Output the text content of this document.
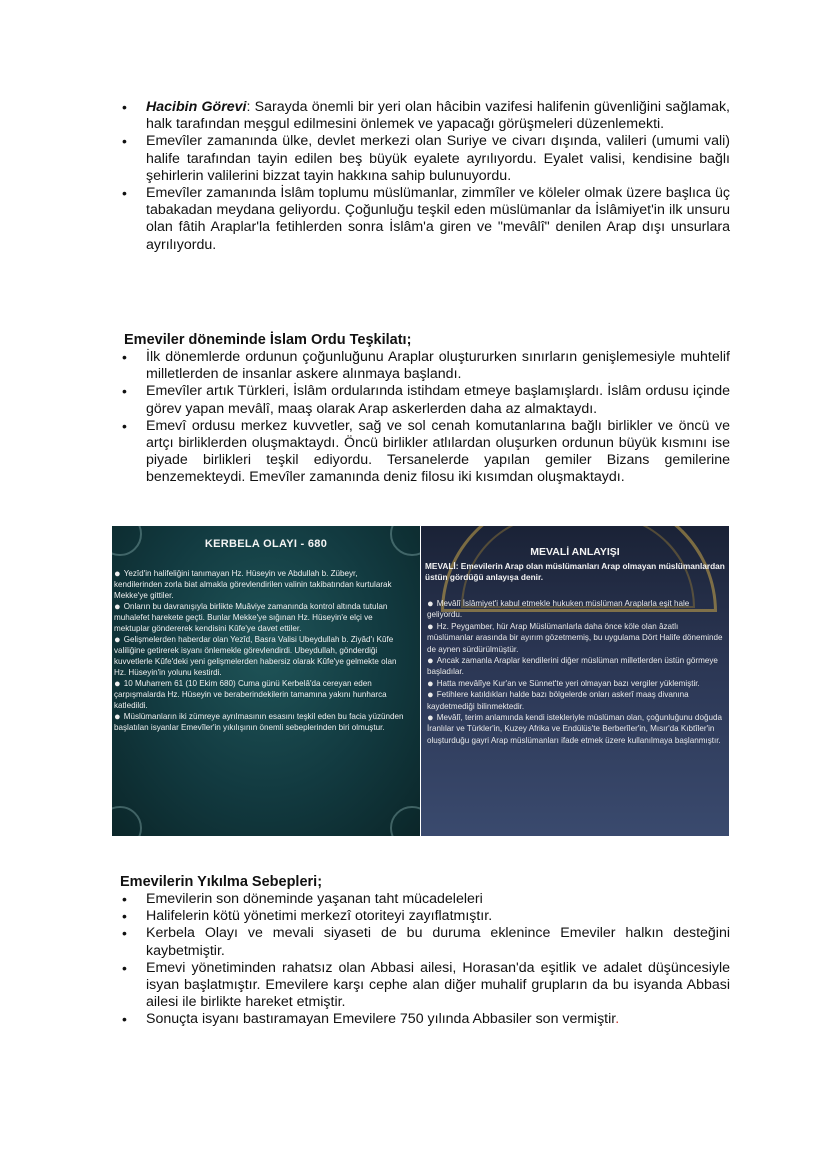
• Hacibin Görevi: Sarayda önemli bir yeri olan hâcibin vazifesi halifenin güvenliğini sağlamak, halk tarafından meşgul edilmesini önlemek ve yapacağı görüşmeleri düzenlemekti.
• Emevîler zamanında ülke, devlet merkezi olan Suriye ve civarı dışında, valileri (umumi vali) halife tarafından tayin edilen beş büyük eyalete ayrılıyordu. Eyalet valisi, kendisine bağlı şehirlerin valilerini bizzat tayin hakkına sahip bulunuyordu.
• Emevîler zamanında İslâm toplumu müslümanlar, zimmîler ve köleler olmak üzere başlıca üç tabakadan meydana geliyordu. Çoğunluğu teşkil eden müslümanlar da İslâmiyet'in ilk unsuru olan fâtih Araplar'la fetihlerden sonra İslâm'a giren ve "mevâlî" denilen Arap dışı unsurlara ayrılıyordu.

Emeviler döneminde İslam Ordu Teşkilatı;

• İlk dönemlerde ordunun çoğunluğunu Araplar oluştururken sınırların genişlemesiyle muhtelif milletlerden de insanlar askere alınmaya başlandı.
• Emevîler artık Türkleri, İslâm ordularında istihdam etmeye başlamışlardı. İslâm ordusu içinde görev yapan mevâlî, maaş olarak Arap askerlerden daha az almaktaydı.
• Emevî ordusu merkez kuvvetler, sağ ve sol cenah komutanlarına bağlı birlikler ve öncü ve artçı birliklerden oluşmaktaydı. Öncü birlikler atlılardan oluşurken ordunun büyük kısmını ise piyade birlikleri teşkil ediyordu. Tersanelerde yapılan gemiler Bizans gemilerine benzemekteydi. Emevîler zamanında deniz filosu iki kısımdan oluşmaktaydı.
KERBELA OLAYI - 680

● Yezîd'in halifeliğini tanımayan Hz. Hüseyin ve Abdullah b. Zübeyr, kendilerinden zorla biat almakla görevlendirilen valinin takibatından kurtularak Mekke'ye gittiler.

● Onların bu davranışıyla birlikte Muâviye zamanında kontrol altında tutulan muhalefet harekete geçti. Bunlar Mekke'ye sığınan Hz. Hüseyin'e elçi ve mektuplar göndererek kendisini Kûfe'ye davet ettiler.

● Gelişmelerden haberdar olan Yezîd, Basra Valisi Ubeydullah b. Ziyâd'ı Kûfe valiliğine getirerek isyanı önlemekle görevlendirdi. Ubeydullah, gönderdiği kuvvetlerle Kûfe'deki yeni gelişmelerden habersiz olarak Kûfe'ye gelmekte olan Hz. Hüseyin'in yolunu kestirdi.

● 10 Muharrem 61 (10 Ekim 680) Cuma günü Kerbelâ'da cereyan eden çarpışmalarda Hz. Hüseyin ve beraberindekilerin tamamına yakını hunharca katledildi.

● Müslümanların iki zümreye ayrılmasının esasını teşkil eden bu facia yüzünden başlatılan isyanlar Emevîler'in yıkılışının önemli sebeplerinden biri olmuştur.

MEVALİ ANLAYIŞI
MEVALİ: Emevilerin Arap olan müslümanları Arap olmayan müslümanlardan üstün gördüğü anlayışa denir.

● Mevâlî İslâmiyet'i kabul etmekle hukuken müslüman Araplarla eşit hale geliyordu.

● Hz. Peygamber, hür Arap Müslümanlarla daha önce köle olan âzatlı müslümanlar arasında bir ayırım gözetmemiş, bu uygulama Dört Halife döneminde de aynen sürdürülmüştür.

● Ancak zamanla Araplar kendilerini diğer müslüman milletlerden üstün görmeye başladılar.

● Hatta mevâlîye Kur'an ve Sünnet'te yeri olmayan bazı vergiler yüklemiştir.

● Fetihlere katıldıkları halde bazı bölgelerde onları askerî maaş divanına kaydetmediği bilinmektedir.

● Mevâlî, terim anlamında kendi istekleriyle müslüman olan, çoğunluğunu doğuda İranlılar ve Türkler'in, Kuzey Afrika ve Endülüs'te Berberîler'in, Mısır'da Kıbtîler'in oluşturduğu gayri Arap müslümanları ifade etmek üzere kullanılmaya başlanmıştır.

Emevilerin Yıkılma Sebepleri;

• Emevilerin son döneminde yaşanan taht mücadeleleri
• Halifelerin kötü yönetimi merkezî otoriteyi zayıflatmıştır.
• Kerbela Olayı ve mevali siyaseti de bu duruma eklenince Emeviler halkın desteğini kaybetmiştir.
• Emevi yönetiminden rahatsız olan Abbasi ailesi, Horasan'da eşitlik ve adalet düşüncesiyle isyan başlatmıştır. Emevilere karşı cephe alan diğer muhalif grupların da bu isyanda Abbasi ailesi ile birlikte hareket etmiştir.
• Sonuçta isyanı bastıramayan Emevilere 750 yılında Abbasiler son vermiştir.
